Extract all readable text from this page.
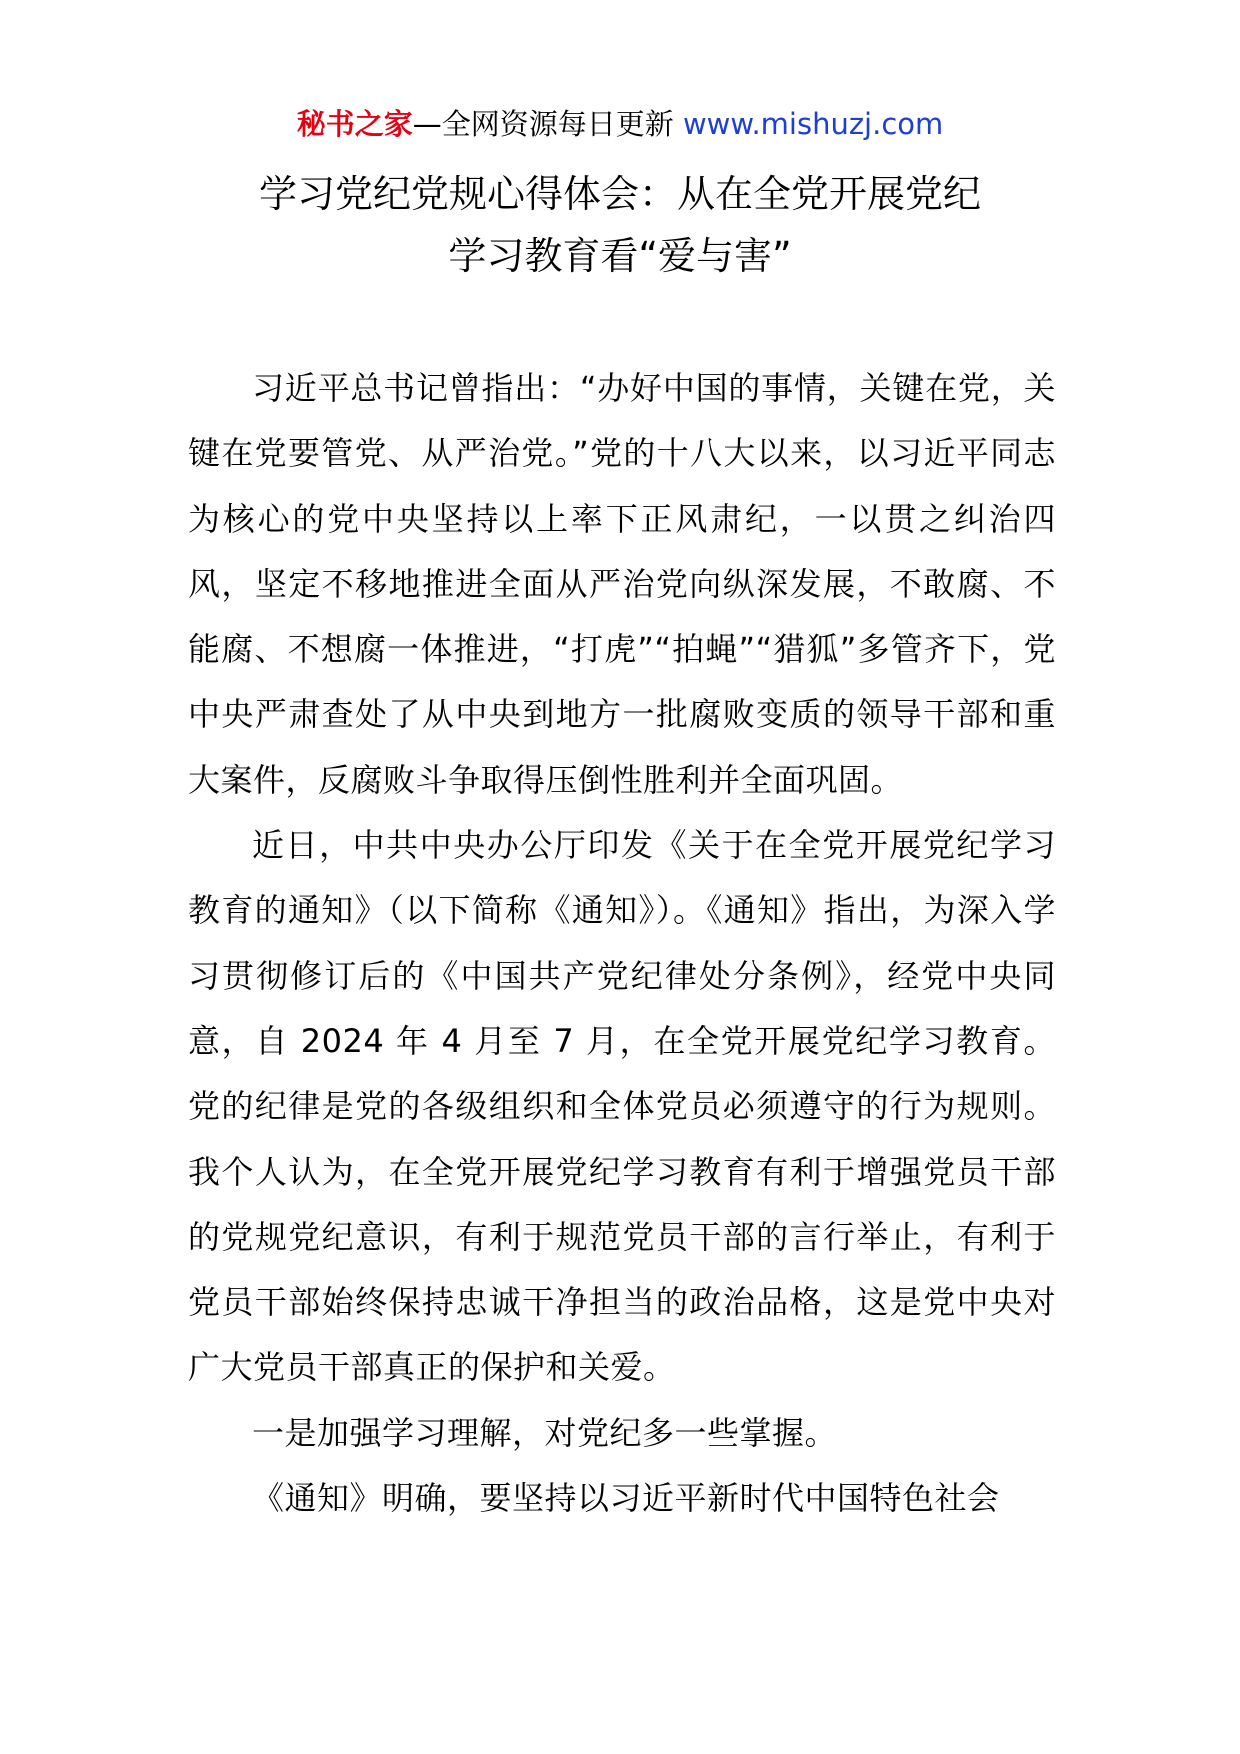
秘书之家—全网资源每日更新 www.mishuzj.com
学习党纪党规心得体会：从在全党开展党纪
学习教育看“爱与害”

习近平总书记曾指出：“办好中国的事情，关键在党，关键在党要管党、从严治党。”党的十八大以来，以习近平同志为核心的党中央坚持以上率下正风肃纪，一以贯之纠治四风，坚定不移地推进全面从严治党向纵深发展，不敢腐、不能腐、不想腐一体推进，“打虎”“拍蝇”“猎狐”多管齐下，党中央严肃查处了从中央到地方一批腐败变质的领导干部和重大案件，反腐败斗争取得压倒性胜利并全面巩固。

近日，中共中央办公厅印发《关于在全党开展党纪学习教育的通知》（以下简称《通知》）。《通知》指出，为深入学习贯彻修订后的《中国共产党纪律处分条例》，经党中央同意，自 2024 年 4 月至 7 月，在全党开展党纪学习教育。党的纪律是党的各级组织和全体党员必须遵守的行为规则。我个人认为，在全党开展党纪学习教育有利于增强党员干部的党规党纪意识，有利于规范党员干部的言行举止，有利于党员干部始终保持忠诚干净担当的政治品格，这是党中央对广大党员干部真正的保护和关爱。

一是加强学习理解，对党纪多一些掌握。

《通知》明确，要坚持以习近平新时代中国特色社会
